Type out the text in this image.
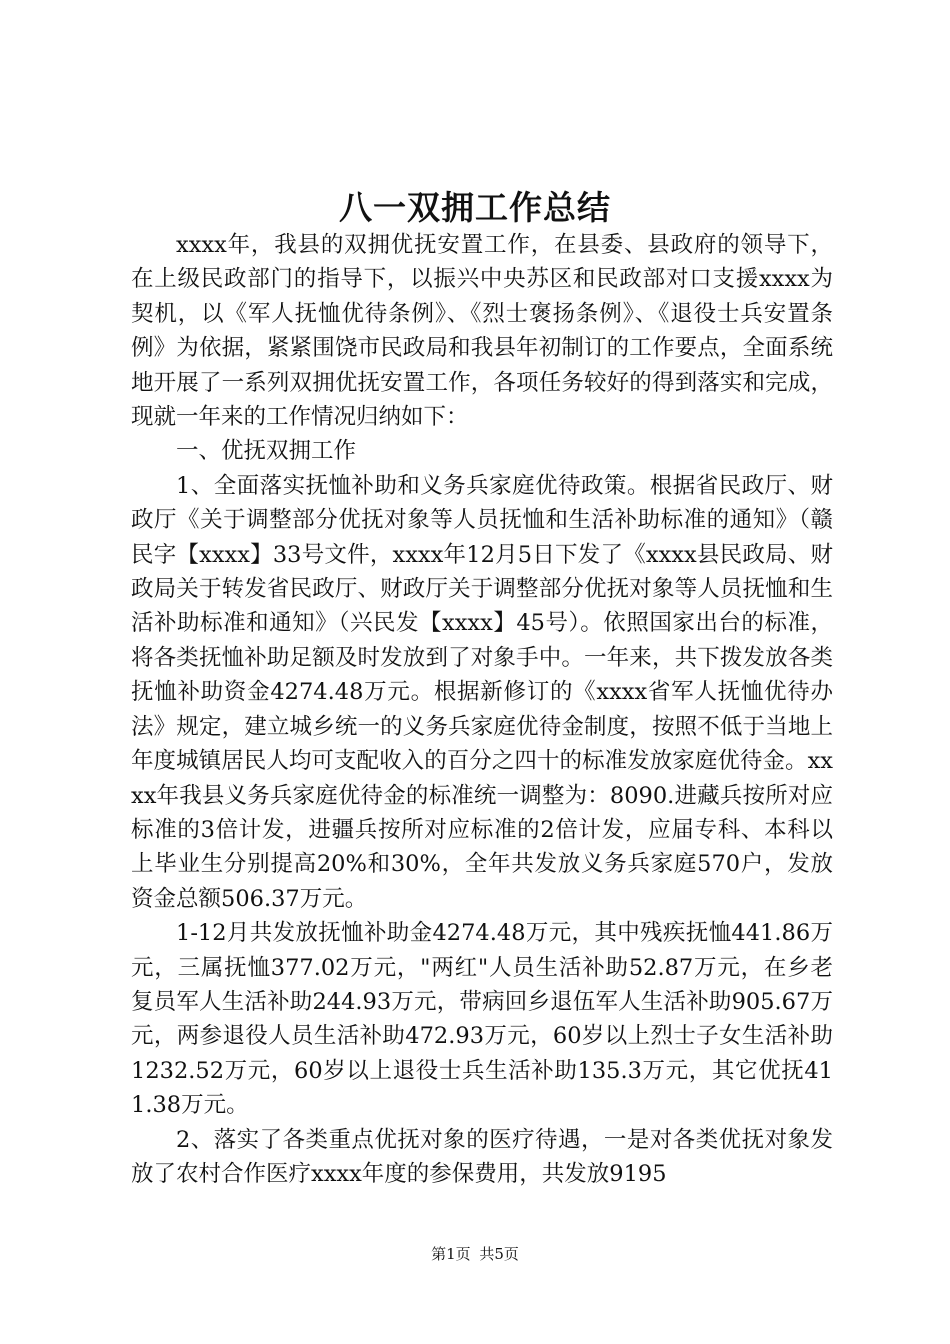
八一双拥工作总结

xxxx年，我县的双拥优抚安置工作，在县委、县政府的领导下，在上级民政部门的指导下，以振兴中央苏区和民政部对口支援xxxx为契机，以《军人抚恤优待条例》、《烈士褒扬条例》、《退役士兵安置条例》为依据，紧紧围饶市民政局和我县年初制订的工作要点，全面系统地开展了一系列双拥优抚安置工作，各项任务较好的得到落实和完成，现就一年来的工作情况归纳如下：

一、优抚双拥工作

1、全面落实抚恤补助和义务兵家庭优待政策。根据省民政厅、财政厅《关于调整部分优抚对象等人员抚恤和生活补助标准的通知》（赣民字【xxxx】33号文件，xxxx年12月5日下发了《xxxx县民政局、财政局关于转发省民政厅、财政厅关于调整部分优抚对象等人员抚恤和生活补助标准和通知》（兴民发【xxxx】45号）。依照国家出台的标准，将各类抚恤补助足额及时发放到了对象手中。一年来，共下拨发放各类抚恤补助资金4274.48万元。根据新修订的《xxxx省军人抚恤优待办法》规定，建立城乡统一的义务兵家庭优待金制度，按照不低于当地上年度城镇居民人均可支配收入的百分之四十的标准发放家庭优待金。xxxx年我县义务兵家庭优待金的标准统一调整为：8090.进藏兵按所对应标准的3倍计发，进疆兵按所对应标准的2倍计发，应届专科、本科以上毕业生分别提高20%和30%，全年共发放义务兵家庭570户，发放资金总额506.37万元。

1-12月共发放抚恤补助金4274.48万元，其中残疾抚恤441.86万元，三属抚恤377.02万元，"两红"人员生活补助52.87万元，在乡老复员军人生活补助244.93万元，带病回乡退伍军人生活补助905.67万元，两参退役人员生活补助472.93万元，60岁以上烈士子女生活补助1232.52万元，60岁以上退役士兵生活补助135.3万元，其它优抚411.38万元。

2、落实了各类重点优抚对象的医疗待遇，一是对各类优抚对象发放了农村合作医疗xxxx年度的参保费用，共发放9195

第1页 共5页
